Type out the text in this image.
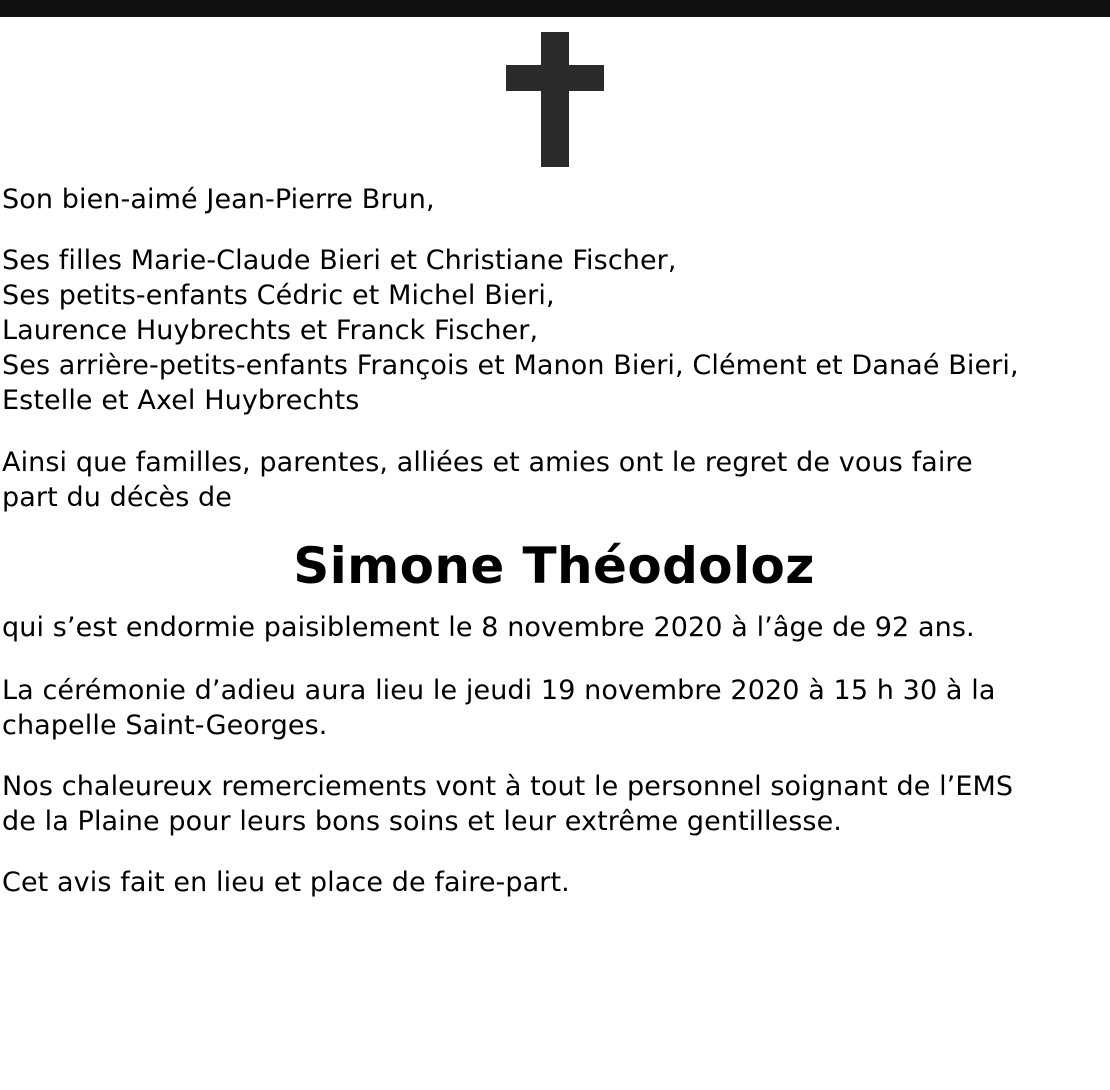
Son bien-aimé Jean-Pierre Brun,

Ses filles Marie-Claude Bieri et Christiane Fischer,
Ses petits-enfants Cédric et Michel Bieri,
Laurence Huybrechts et Franck Fischer,
Ses arrière-petits-enfants François et Manon Bieri, Clément et Danaé Bieri,
Estelle et Axel Huybrechts

Ainsi que familles, parentes, alliées et amies ont le regret de vous faire
part du décès de

Simone Théodoloz

qui s’est endormie paisiblement le 8 novembre 2020 à l’âge de 92 ans.

La cérémonie d’adieu aura lieu le jeudi 19 novembre 2020 à 15 h 30 à la
chapelle Saint-Georges.

Nos chaleureux remerciements vont à tout le personnel soignant de l’EMS
de la Plaine pour leurs bons soins et leur extrême gentillesse.

Cet avis fait en lieu et place de faire-part.
